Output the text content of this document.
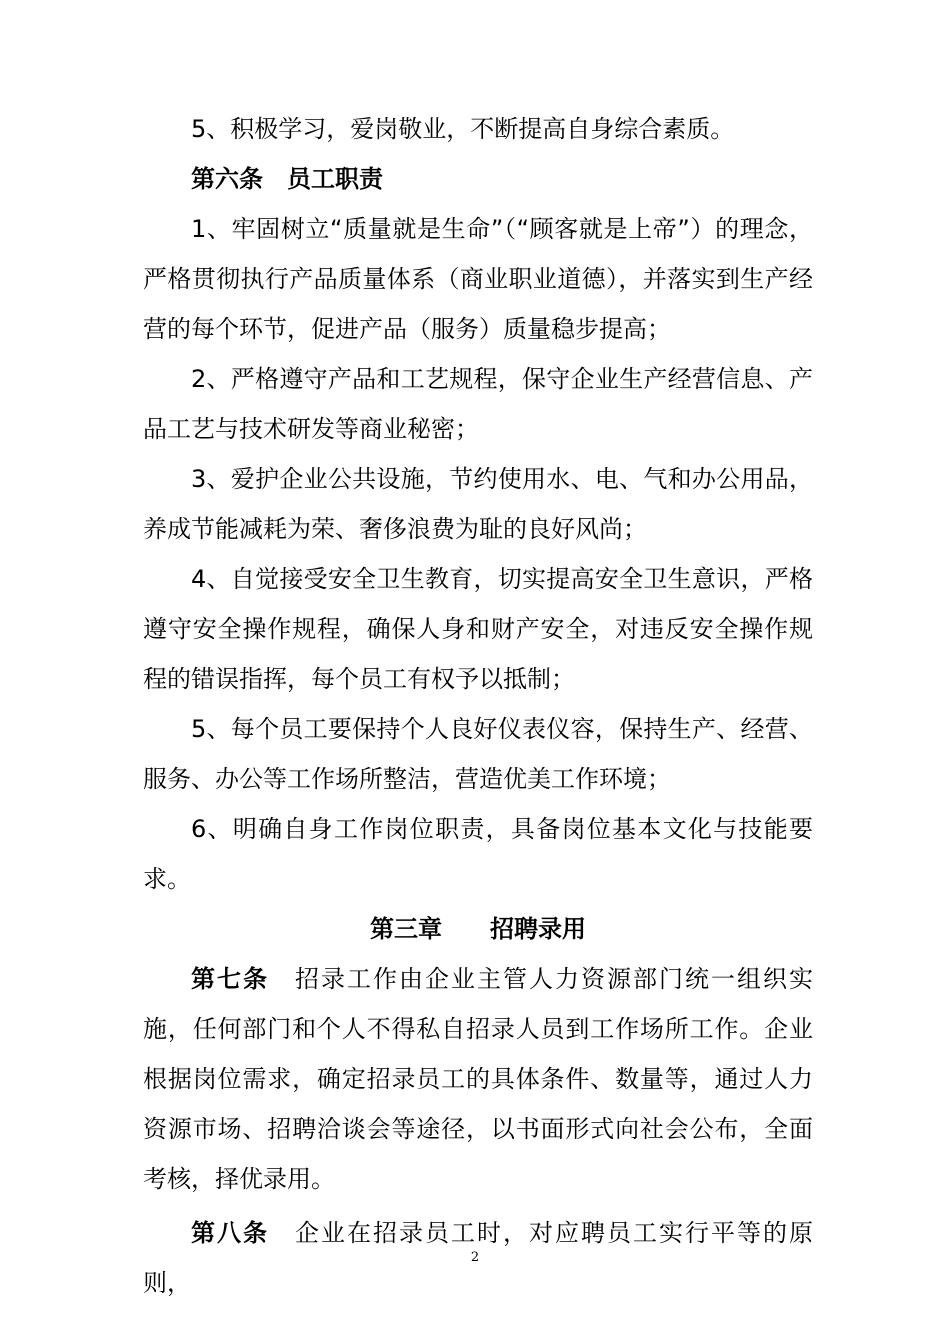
5、积极学习，爱岗敬业，不断提高自身综合素质。

第六条 员工职责

1、牢固树立“质量就是生命”（“顾客就是上帝”）的理念，严格贯彻执行产品质量体系（商业职业道德），并落实到生产经营的每个环节，促进产品（服务）质量稳步提高；

2、严格遵守产品和工艺规程，保守企业生产经营信息、产品工艺与技术研发等商业秘密；

3、爱护企业公共设施，节约使用水、电、气和办公用品，养成节能减耗为荣、奢侈浪费为耻的良好风尚；

4、自觉接受安全卫生教育，切实提高安全卫生意识，严格遵守安全操作规程，确保人身和财产安全，对违反安全操作规程的错误指挥，每个员工有权予以抵制；

5、每个员工要保持个人良好仪表仪容，保持生产、经营、服务、办公等工作场所整洁，营造优美工作环境；

6、明确自身工作岗位职责，具备岗位基本文化与技能要求。

第三章 招聘录用

第七条 招录工作由企业主管人力资源部门统一组织实施，任何部门和个人不得私自招录人员到工作场所工作。企业根据岗位需求，确定招录员工的具体条件、数量等，通过人力资源市场、招聘洽谈会等途径，以书面形式向社会公布，全面考核，择优录用。

第八条 企业在招录员工时，对应聘员工实行平等的原则，

2
